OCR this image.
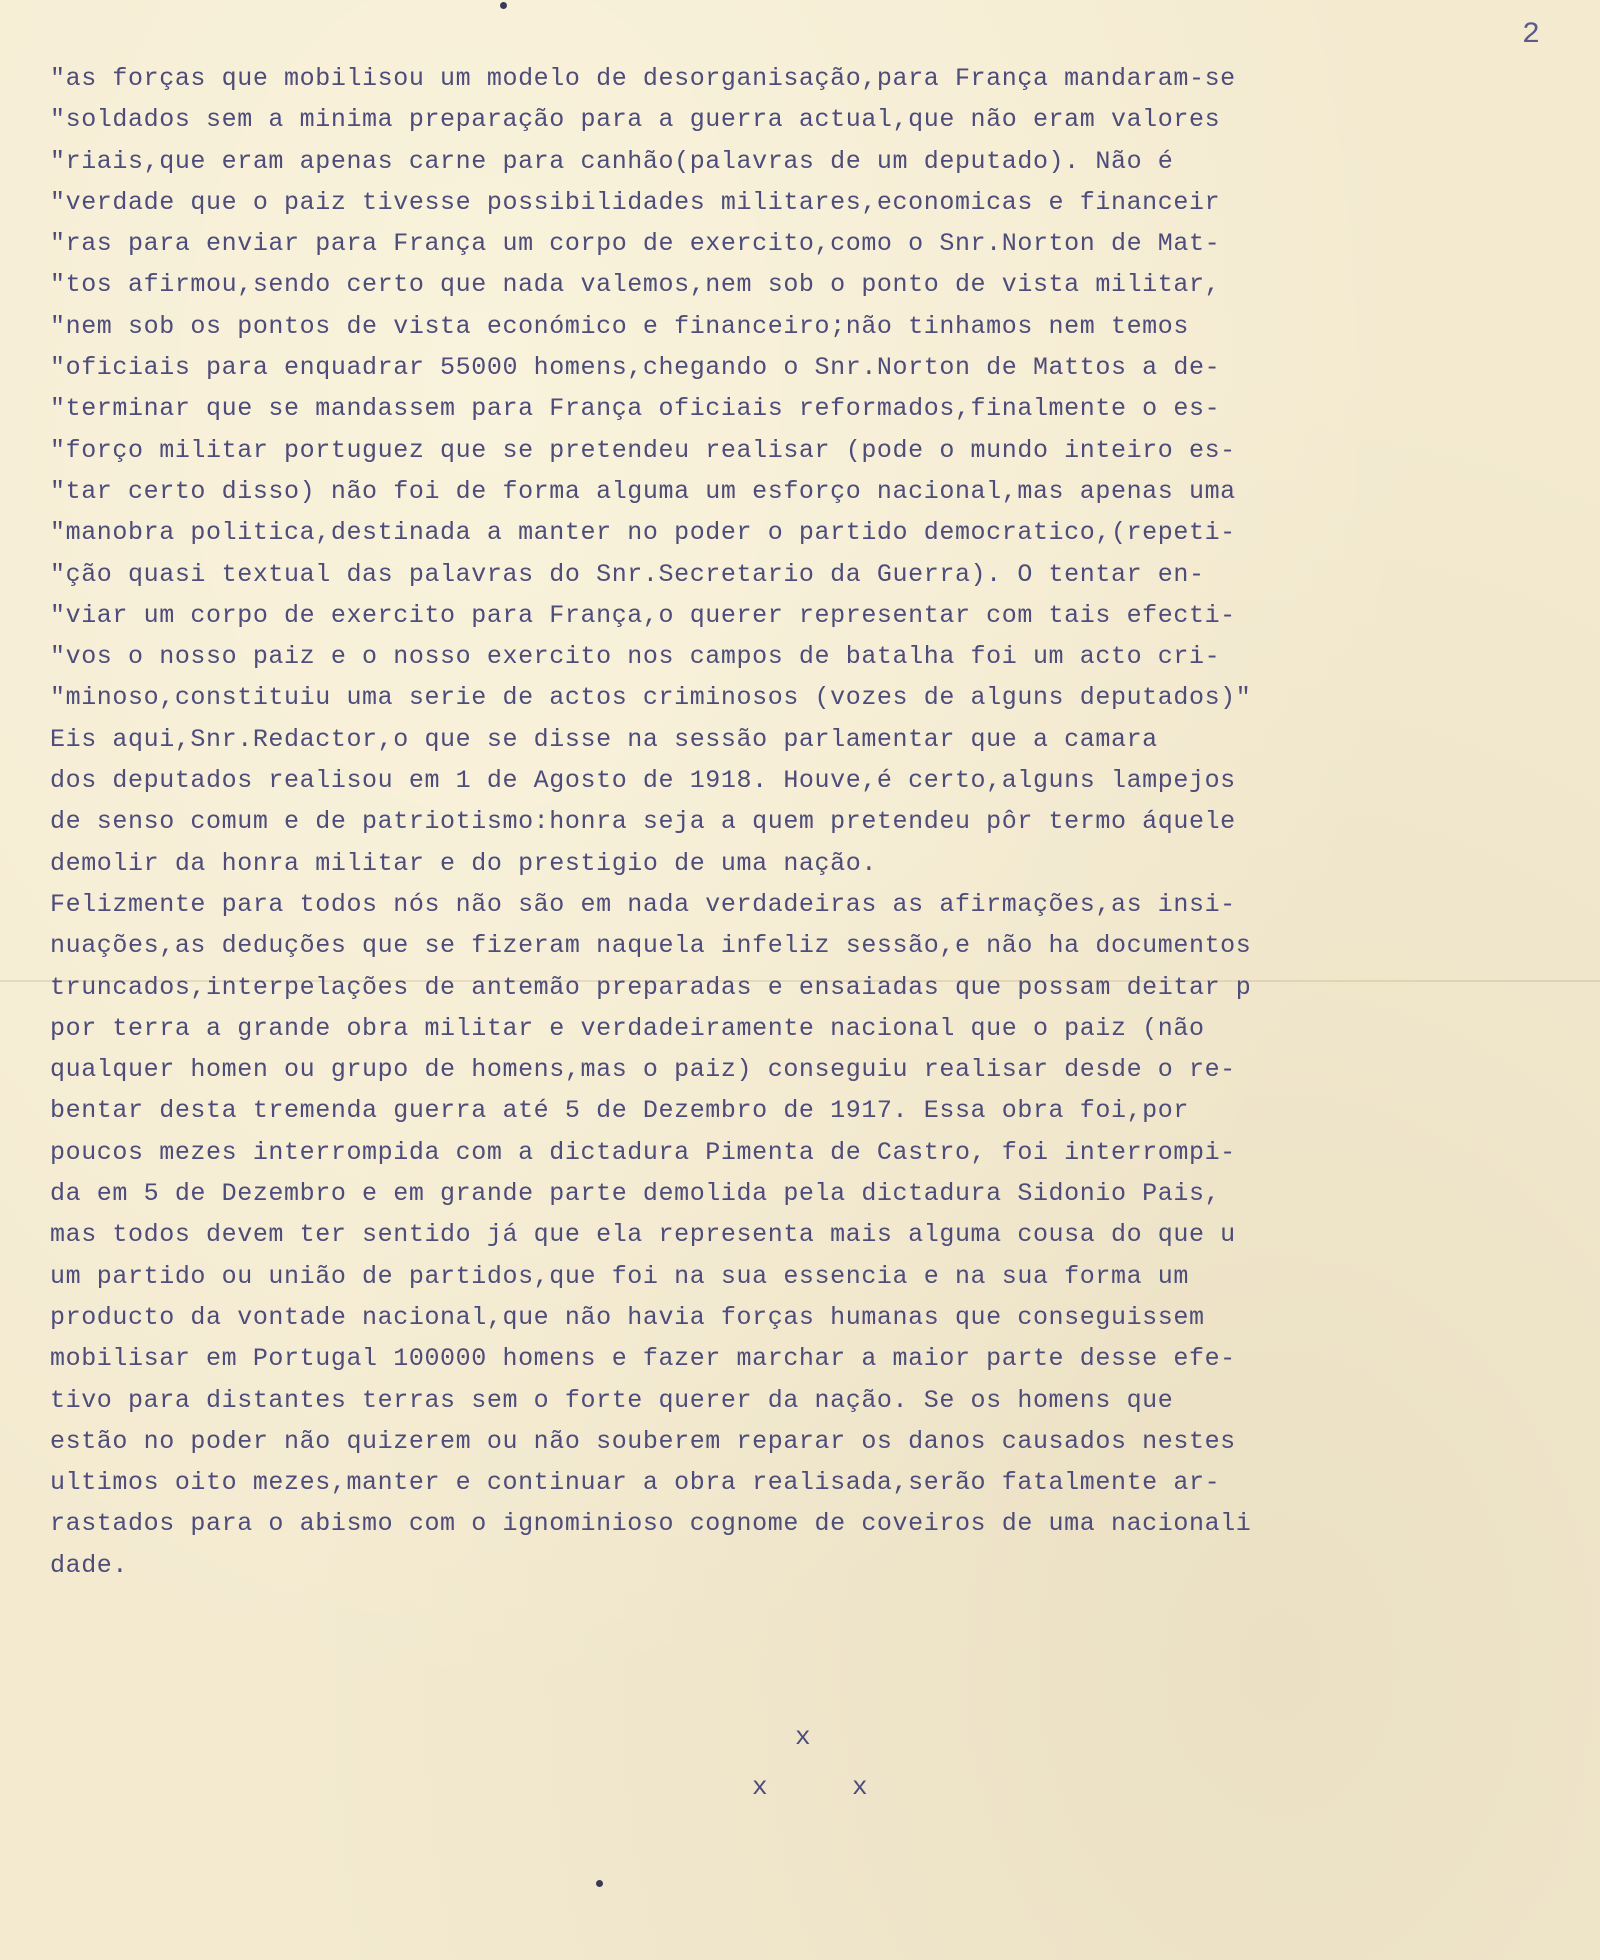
2
"as forças que mobilisou um modelo de desorganisação,para França mandaram-se
"soldados sem a minima preparação para a guerra actual,que não eram valores
"riais,que eram apenas carne para canhão(palavras de um deputado). Não é
"verdade que o paiz tivesse possibilidades militares,economicas e financeir
"ras para enviar para França um corpo de exercito,como o Snr.Norton de Mat-
"tos afirmou,sendo certo que nada valemos,nem sob o ponto de vista militar,
"nem sob os pontos de vista económico e financeiro;não tinhamos nem temos
"oficiais para enquadrar 55000 homens,chegando o Snr.Norton de Mattos a de-
"terminar que se mandassem para França oficiais reformados,finalmente o es-
"forço militar portuguez que se pretendeu realisar (pode o mundo inteiro es-
"tar certo disso) não foi de forma alguma um esforço nacional,mas apenas uma
"manobra politica,destinada a manter no poder o partido democratico,(repeti-
"ção quasi textual das palavras do Snr.Secretario da Guerra). O tentar en-
"viar um corpo de exercito para França,o querer representar com tais efecti-
"vos o nosso paiz e o nosso exercito nos campos de batalha foi um acto cri-
"minoso,constituiu uma serie de actos criminosos (vozes de alguns deputados)"
Eis aqui,Snr.Redactor,o que se disse na sessão parlamentar que a camara
dos deputados realisou em 1 de Agosto de 1918. Houve,é certo,alguns lampejos
de senso comum e de patriotismo:honra seja a quem pretendeu pôr termo áquele
demolir da honra militar e do prestigio de uma nação.
Felizmente para todos nós não são em nada verdadeiras as afirmações,as insi-
nuações,as deduções que se fizeram naquela infeliz sessão,e não ha documentos
truncados,interpelações de antemão preparadas e ensaiadas que possam deitar p
por terra a grande obra militar e verdadeiramente nacional que o paiz (não
qualquer homen ou grupo de homens,mas o paiz) conseguiu realisar desde o re-
bentar desta tremenda guerra até 5 de Dezembro de 1917. Essa obra foi,por
poucos mezes interrompida com a dictadura Pimenta de Castro, foi interrompi-
da em 5 de Dezembro e em grande parte demolida pela dictadura Sidonio Pais,
mas todos devem ter sentido já que ela representa mais alguma cousa do que u
um partido ou união de partidos,que foi na sua essencia e na sua forma um
producto da vontade nacional,que não havia forças humanas que conseguissem
mobilisar em Portugal 100000 homens e fazer marchar a maior parte desse efe-
tivo para distantes terras sem o forte querer da nação. Se os homens que
estão no poder não quizerem ou não souberem reparar os danos causados nestes
ultimos oito mezes,manter e continuar a obra realisada,serão fatalmente ar-
rastados para o abismo com o ignominioso cognome de coveiros de uma nacionali
dade.
x
x	x
